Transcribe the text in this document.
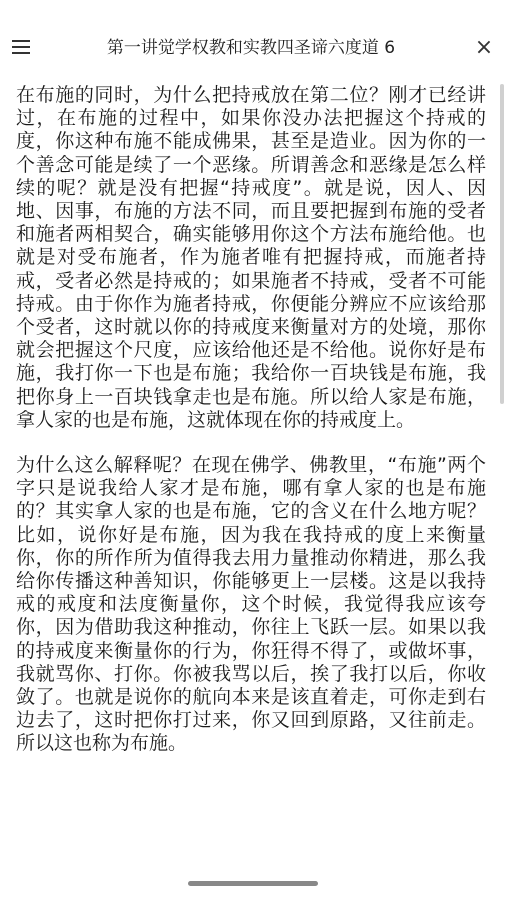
第一讲觉学权教和实教四圣谛六度道 6	×

在布施的同时，为什么把持戒放在第二位？刚才已经讲过，在布施的过程中，如果你没办法把握这个持戒的度，你这种布施不能成佛果，甚至是造业。因为你的一个善念可能是续了一个恶缘。所谓善念和恶缘是怎么样续的呢？就是没有把握“持戒度”。就是说，因人、因地、因事，布施的方法不同，而且要把握到布施的受者和施者两相契合，确实能够用你这个方法布施给他。也就是对受布施者，作为施者唯有把握持戒，而施者持戒，受者必然是持戒的；如果施者不持戒，受者不可能持戒。由于你作为施者持戒，你便能分辨应不应该给那个受者，这时就以你的持戒度来衡量对方的处境，那你就会把握这个尺度，应该给他还是不给他。说你好是布施，我打你一下也是布施；我给你一百块钱是布施，我把你身上一百块钱拿走也是布施。所以给人家是布施，拿人家的也是布施，这就体现在你的持戒度上。

为什么这么解释呢？在现在佛学、佛教里，“布施”两个字只是说我给人家才是布施，哪有拿人家的也是布施的？其实拿人家的也是布施，它的含义在什么地方呢？比如，说你好是布施，因为我在我持戒的度上来衡量你，你的所作所为值得我去用力量推动你精进，那么我给你传播这种善知识，你能够更上一层楼。这是以我持戒的戒度和法度衡量你，这个时候，我觉得我应该夸你，因为借助我这种推动，你往上飞跃一层。如果以我的持戒度来衡量你的行为，你狂得不得了，或做坏事，我就骂你、打你。你被我骂以后，挨了我打以后，你收敛了。也就是说你的航向本来是该直着走，可你走到右边去了，这时把你打过来，你又回到原路，又往前走。所以这也称为布施。
